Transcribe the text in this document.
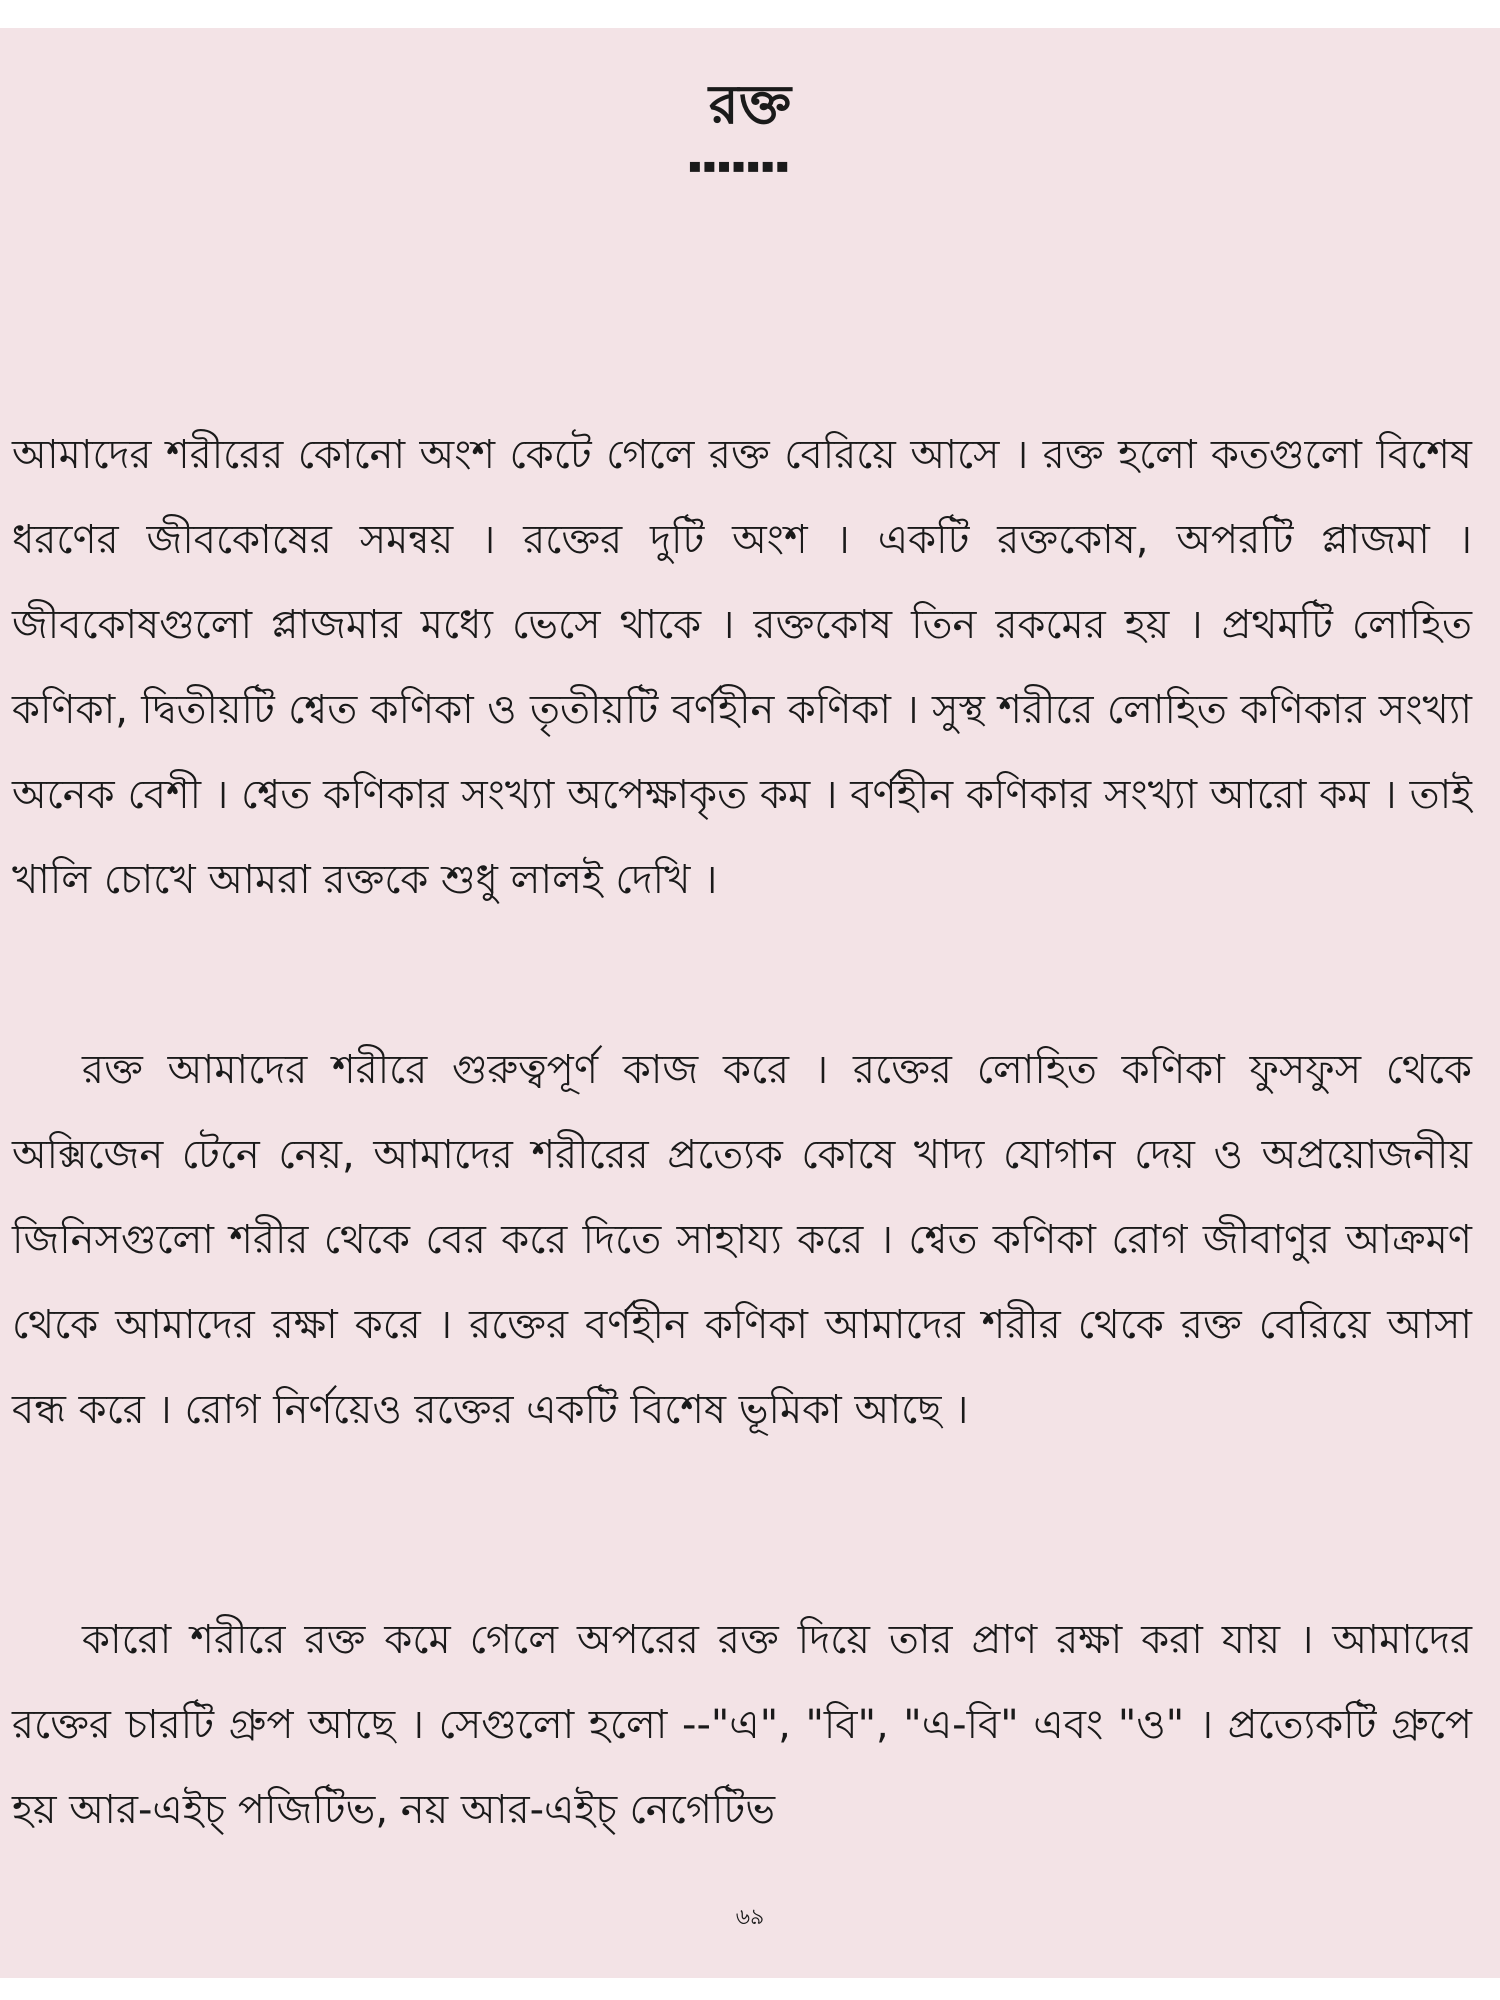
রক্ত
▪▪▪▪▪▪▪

আমাদের শরীরের কোনো অংশ কেটে গেলে রক্ত বেরিয়ে আসে । রক্ত হলো কতগুলো বিশেষ ধরণের জীবকোষের সমন্বয় । রক্তের দুটি অংশ । একটি রক্তকোষ, অপরটি প্লাজমা । জীবকোষগুলো প্লাজমার মধ্যে ভেসে থাকে । রক্তকোষ তিন রকমের হয় । প্রথমটি লোহিত কণিকা, দ্বিতীয়টি শ্বেত কণিকা ও তৃতীয়টি বর্ণহীন কণিকা । সুস্থ শরীরে লোহিত কণিকার সংখ্যা অনেক বেশী । শ্বেত কণিকার সংখ্যা অপেক্ষাকৃত কম । বর্ণহীন কণিকার সংখ্যা আরো কম । তাই খালি চোখে আমরা রক্তকে শুধু লালই দেখি ।

রক্ত আমাদের শরীরে গুরুত্বপূর্ণ কাজ করে । রক্তের লোহিত কণিকা ফুসফুস থেকে অক্সিজেন টেনে নেয়, আমাদের শরীরের প্রত্যেক কোষে খাদ্য যোগান দেয় ও অপ্রয়োজনীয় জিনিসগুলো শরীর থেকে বের করে দিতে সাহায্য করে । শ্বেত কণিকা রোগ জীবাণুর আক্রমণ থেকে আমাদের রক্ষা করে । রক্তের বর্ণহীন কণিকা আমাদের শরীর থেকে রক্ত বেরিয়ে আসা বন্ধ করে । রোগ নির্ণয়েও রক্তের একটি বিশেষ ভূমিকা আছে ।

কারো শরীরে রক্ত কমে গেলে অপরের রক্ত দিয়ে তার প্রাণ রক্ষা করা যায় । আমাদের রক্তের চারটি গ্রুপ আছে । সেগুলো হলো --"এ", "বি", "এ-বি" এবং "ও" । প্রত্যেকটি গ্রুপে হয় আর-এইচ্ পজিটিভ, নয় আর-এইচ্ নেগেটিভ

৬৯
